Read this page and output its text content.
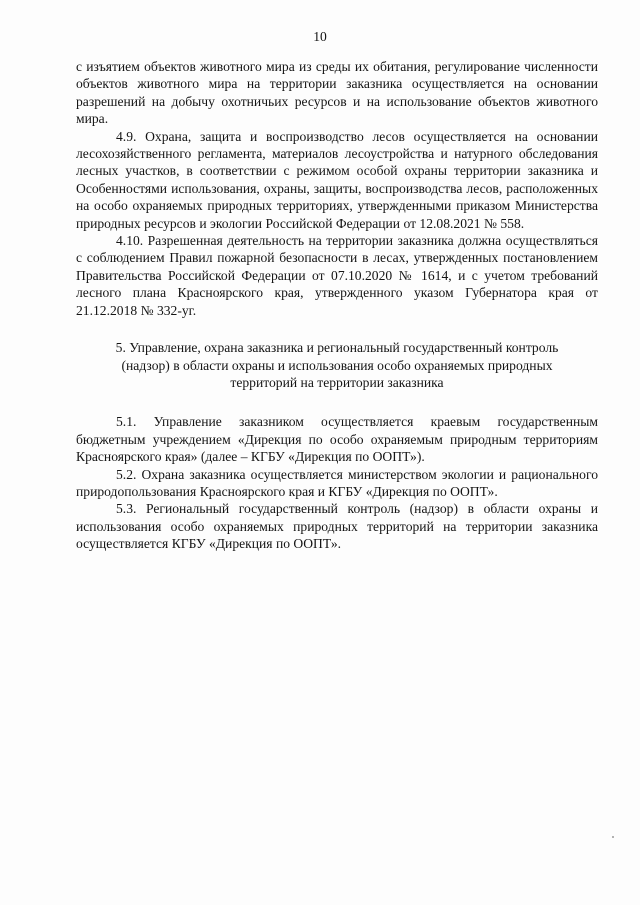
10

с изъятием объектов животного мира из среды их обитания, регулирование численности объектов животного мира на территории заказника осуществляется на основании разрешений на добычу охотничьих ресурсов и на использование объектов животного мира.

4.9. Охрана, защита и воспроизводство лесов осуществляется на основании лесохозяйственного регламента, материалов лесоустройства и натурного обследования лесных участков, в соответствии с режимом особой охраны территории заказника и Особенностями использования, охраны, защиты, воспроизводства лесов, расположенных на особо охраняемых природных территориях, утвержденными приказом Министерства природных ресурсов и экологии Российской Федерации от 12.08.2021 № 558.

4.10. Разрешенная деятельность на территории заказника должна осуществляться с соблюдением Правил пожарной безопасности в лесах, утвержденных постановлением Правительства Российской Федерации от 07.10.2020 № 1614, и с учетом требований лесного плана Красноярского края, утвержденного указом Губернатора края от 21.12.2018 № 332-уг.

5. Управление, охрана заказника и региональный государственный контроль
(надзор) в области охраны и использования особо охраняемых природных
территорий на территории заказника

5.1. Управление заказником осуществляется краевым государственным бюджетным учреждением «Дирекция по особо охраняемым природным территориям Красноярского края» (далее – КГБУ «Дирекция по ООПТ»).

5.2. Охрана заказника осуществляется министерством экологии и рационального природопользования Красноярского края и КГБУ «Дирекция по ООПТ».

5.3. Региональный государственный контроль (надзор) в области охраны и использования особо охраняемых природных территорий на территории заказника осуществляется КГБУ «Дирекция по ООПТ».
